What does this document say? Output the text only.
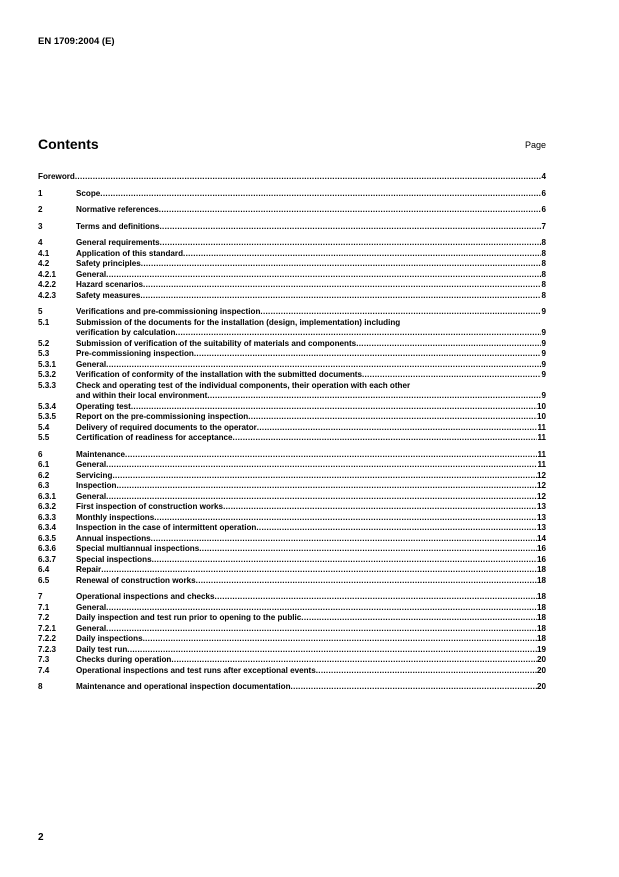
EN 1709:2004 (E)
Contents	Page
Foreword .....	4
1	Scope .....	6
2	Normative references .....	6
3	Terms and definitions .....	7
4	General requirements .....	8
4.1	Application of this standard .....	8
4.2	Safety principles .....	8
4.2.1	General .....	8
4.2.2	Hazard scenarios .....	8
4.2.3	Safety measures .....	8
5	Verifications and pre-commissioning inspection .....	9
5.1	Submission of the documents for the installation (design, implementation) including
verification by calculation .....	9
5.2	Submission of verification of the suitability of materials and components .....	9
5.3	Pre-commissioning inspection .....	9
5.3.1	General .....	9
5.3.2	Verification of conformity of the installation with the submitted documents .....	9
5.3.3	Check and operating test of the individual components, their operation with each other
and within their local environment .....	9
5.3.4	Operating test .....	10
5.3.5	Report on the pre-commissioning inspection .....	10
5.4	Delivery of required documents to the operator .....	11
5.5	Certification of readiness for acceptance .....	11
6	Maintenance .....	11
6.1	General .....	11
6.2	Servicing .....	12
6.3	Inspection .....	12
6.3.1	General .....	12
6.3.2	First inspection of construction works .....	13
6.3.3	Monthly inspections .....	13
6.3.4	Inspection in the case of intermittent operation .....	13
6.3.5	Annual inspections .....	14
6.3.6	Special multiannual inspections .....	16
6.3.7	Special inspections .....	16
6.4	Repair .....	18
6.5	Renewal of construction works .....	18
7	Operational inspections and checks .....	18
7.1	General .....	18
7.2	Daily inspection and test run prior to opening to the public .....	18
7.2.1	General .....	18
7.2.2	Daily inspections .....	18
7.2.3	Daily test run .....	19
7.3	Checks during operation .....	20
7.4	Operational inspections and test runs after exceptional events .....	20
8	Maintenance and operational inspection documentation .....	20
2
